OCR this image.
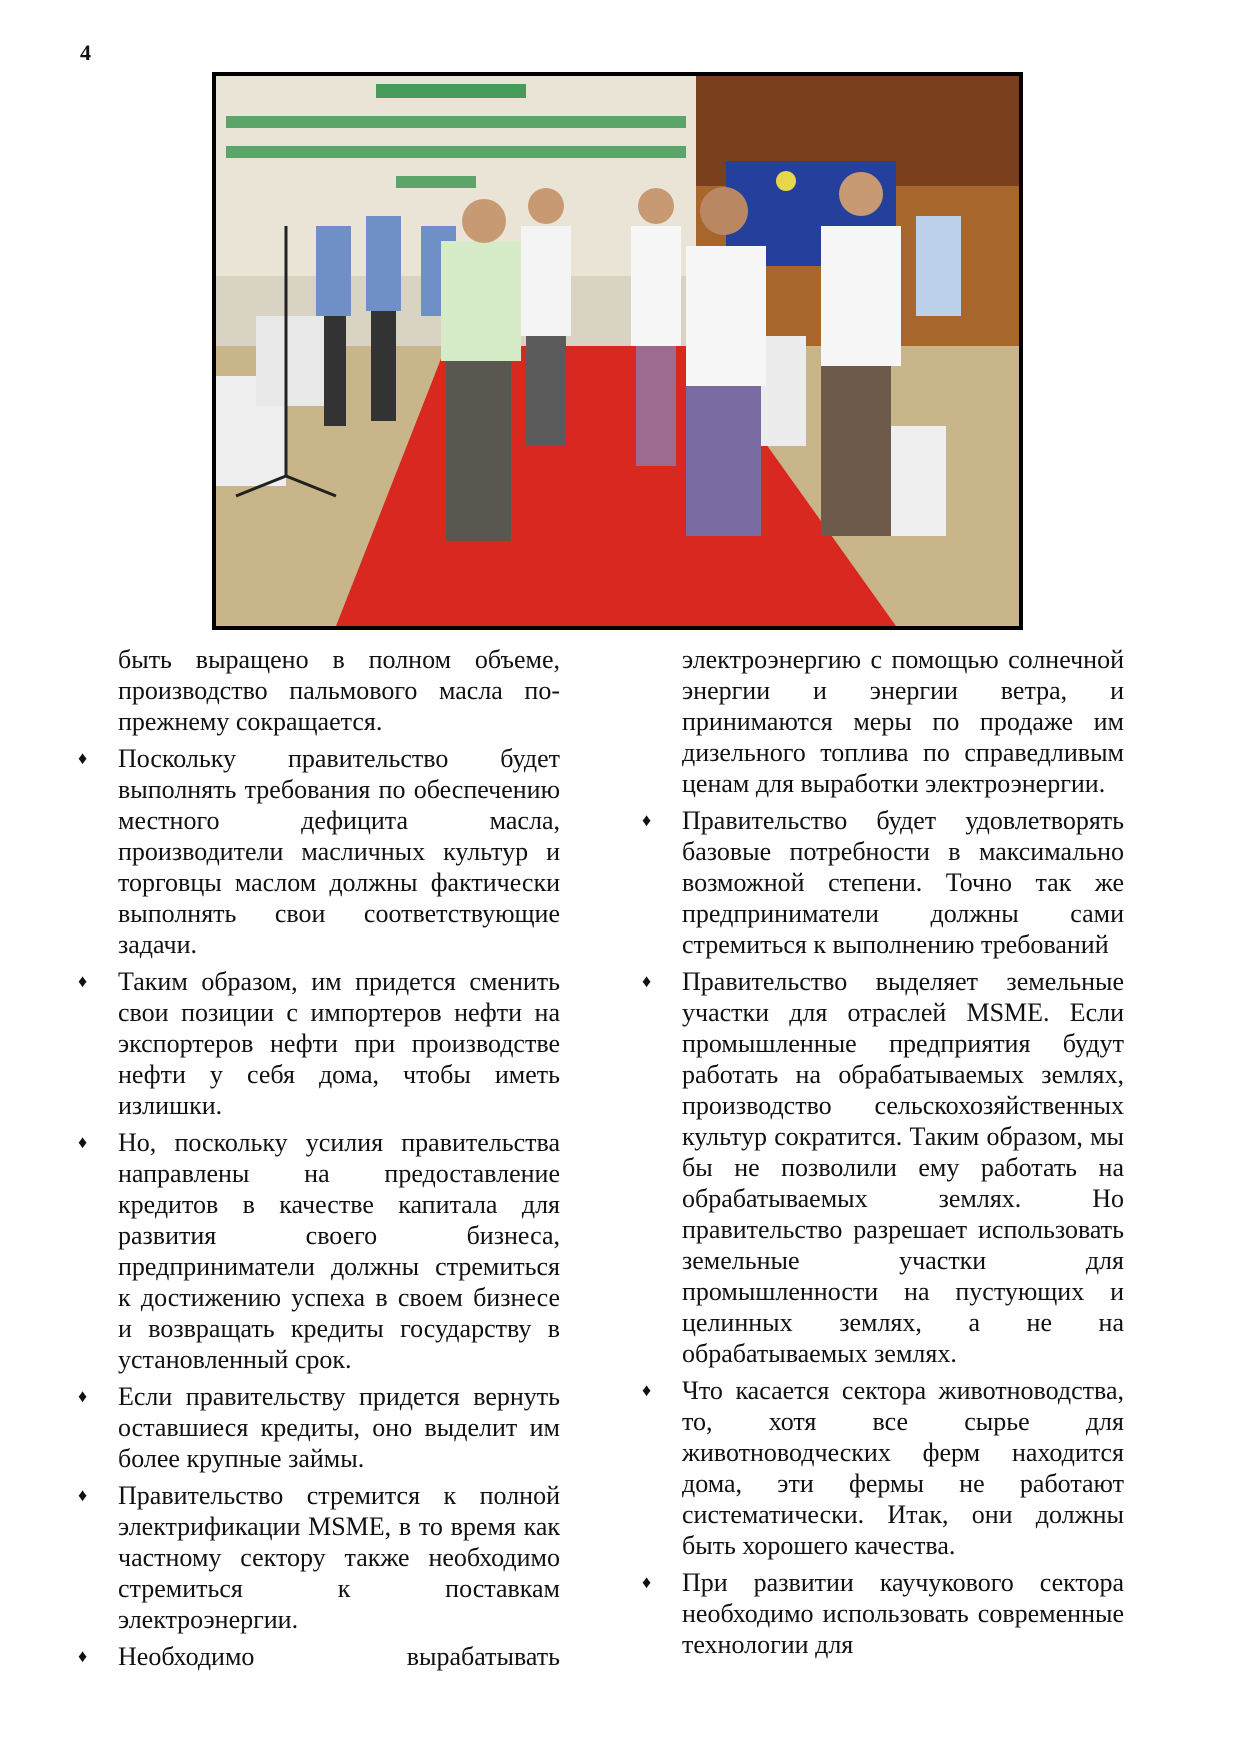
4

быть выращено в полном объеме, производство пальмового масла по-прежнему сокращается.

♦ Поскольку правительство будет выполнять требования по обеспечению местного дефицита масла, производители масличных культур и торговцы маслом должны фактически выполнять свои соответствующие задачи.

♦ Таким образом, им придется сменить свои позиции с импортеров нефти на экспортеров нефти при производстве нефти у себя дома, чтобы иметь излишки.

♦ Но, поскольку усилия правительства направлены на предоставление кредитов в качестве капитала для развития своего бизнеса, предприниматели должны стремиться к достижению успеха в своем бизнесе и возвращать кредиты государству в установленный срок.

♦ Если правительству придется вернуть оставшиеся кредиты, оно выделит им более крупные займы.

♦ Правительство стремится к полной электрификации MSME, в то время как частному сектору также необходимо стремиться к поставкам электроэнергии.

♦ Необходимо вырабатывать

электроэнергию с помощью солнечной энергии и энергии ветра, и принимаются меры по продаже им дизельного топлива по справедливым ценам для выработки электроэнергии.

♦ Правительство будет удовлетворять базовые потребности в максимально возможной степени. Точно так же предприниматели должны сами стремиться к выполнению требований

♦ Правительство выделяет земельные участки для отраслей MSME. Если промышленные предприятия будут работать на обрабатываемых землях, производство сельскохозяйственных культур сократится. Таким образом, мы бы не позволили ему работать на обрабатываемых землях. Но правительство разрешает использовать земельные участки для промышленности на пустующих и целинных землях, а не на обрабатываемых землях.

♦ Что касается сектора животноводства, то, хотя все сырье для животноводческих ферм находится дома, эти фермы не работают систематически. Итак, они должны быть хорошего качества.

♦ При развитии каучукового сектора необходимо использовать современные технологии для
